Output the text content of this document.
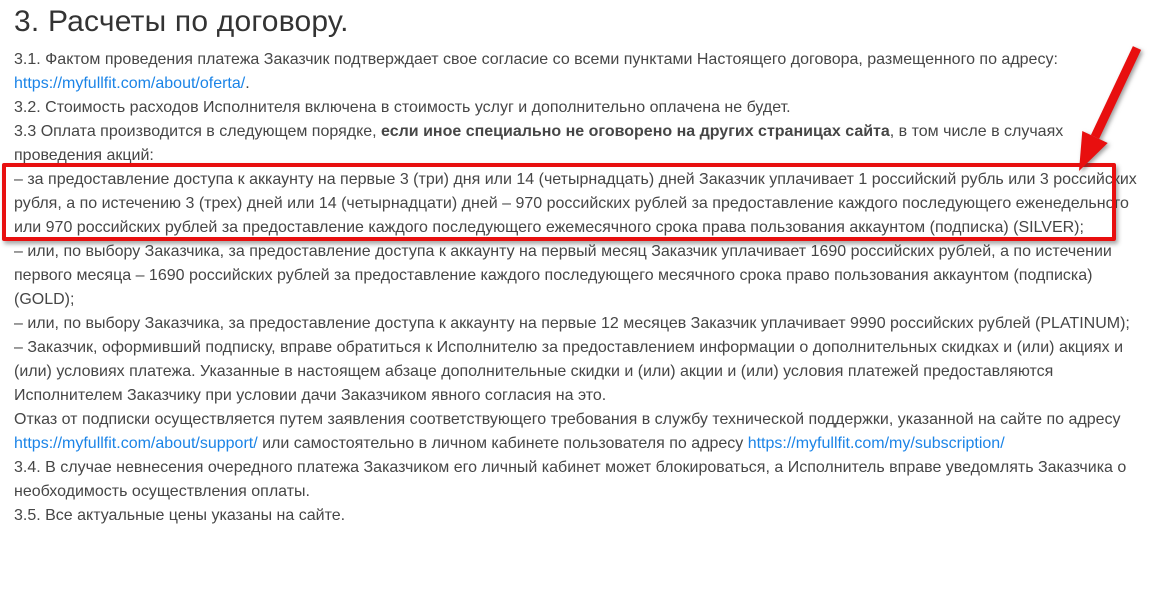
3. Расчеты по договору.

3.1. Фактом проведения платежа Заказчик подтверждает свое согласие со всеми пунктами Настоящего договора, размещенного по адресу: https://myfullfit.com/about/oferta/.

3.2. Стоимость расходов Исполнителя включена в стоимость услуг и дополнительно оплачена не будет.

3.3 Оплата производится в следующем порядке, если иное специально не оговорено на других страницах сайта, в том числе в случаях проведения акций:

– за предоставление доступа к аккаунту на первые 3 (три) дня или 14 (четырнадцать) дней Заказчик уплачивает 1 российский рубль или 3 российских рубля, а по истечению 3 (трех) дней или 14 (четырнадцати) дней – 970 российских рублей за предоставление каждого последующего еженедельного или 970 российских рублей за предоставление каждого последующего ежемесячного срока права пользования аккаунтом (подписка) (SILVER);

– или, по выбору Заказчика, за предоставление доступа к аккаунту на первый месяц Заказчик уплачивает 1690 российских рублей, а по истечении первого месяца – 1690 российских рублей за предоставление каждого последующего месячного срока право пользования аккаунтом (подписка) (GOLD);

– или, по выбору Заказчика, за предоставление доступа к аккаунту на первые 12 месяцев Заказчик уплачивает 9990 российских рублей (PLATINUM);

– Заказчик, оформивший подписку, вправе обратиться к Исполнителю за предоставлением информации о дополнительных скидках и (или) акциях и (или) условиях платежа. Указанные в настоящем абзаце дополнительные скидки и (или) акции и (или) условия платежей предоставляются Исполнителем Заказчику при условии дачи Заказчиком явного согласия на это.

Отказ от подписки осуществляется путем заявления соответствующего требования в службу технической поддержки, указанной на сайте по адресу https://myfullfit.com/about/support/ или самостоятельно в личном кабинете пользователя по адресу https://myfullfit.com/my/subscription/

3.4. В случае невнесения очередного платежа Заказчиком его личный кабинет может блокироваться, а Исполнитель вправе уведомлять Заказчика о необходимость осуществления оплаты.

3.5. Все актуальные цены указаны на сайте.
